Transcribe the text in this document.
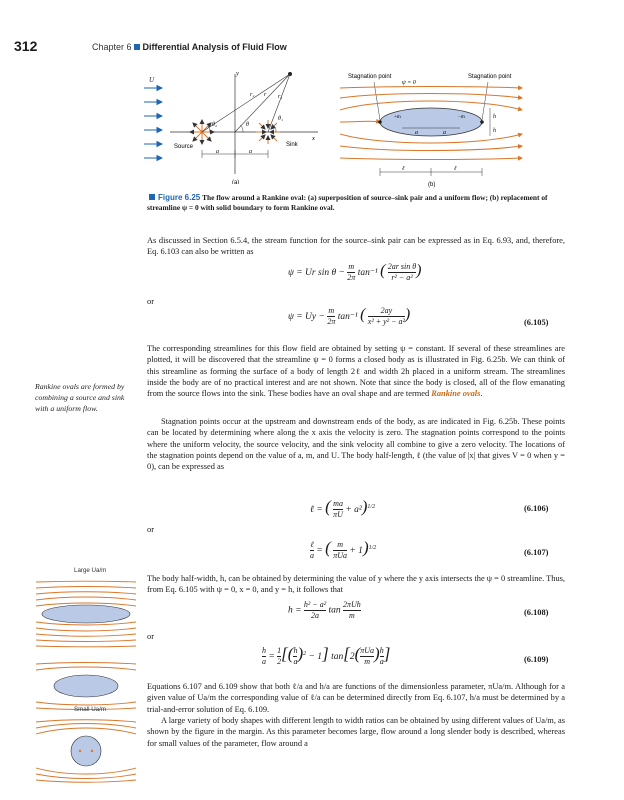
312	Chapter 6 Differential Analysis of Fluid Flow
U
y
x
r₂ r r₁
θ₂	θ
θ₁
Source	Sink
a	a
(a)
Stagnation point
ψ = 0
Stagnation point
+m	−m
a	a
h
h
ℓ	ℓ
(b)
Figure 6.25 The flow around a Rankine oval: (a) superposition of source–sink pair and a uniform flow; (b) replacement of streamline ψ = 0 with solid boundary to form Rankine oval.
As discussed in Section 6.5.4, the stream function for the source–sink pair can be expressed as in Eq. 6.93, and, therefore, Eq. 6.103 can also be written as
ψ = Ur $\sin \theta - \frac{m}{2\pi} \tan^{-1}$ ( $\frac{\text{2ar sin θ}}{\text{r² − a²}}$ )
or
$\psi = Uy - \frac{m}{2\pi} \tan^{-1}$ ( $\frac{2ay}{\text{x² + y² − a²}}$ )	(6.105)
The corresponding streamlines for this flow field are obtained by setting ψ = constant. If several of these streamlines are plotted, it will be discovered that the streamline ψ = 0 forms a closed body as is illustrated in Fig. 6.25b. We can think of this streamline as forming the surface of a body of length 2ℓ and width 2h placed in a uniform stream. The streamlines inside the body are of no practical interest and are not shown. Note that since the body is closed, all of the flow emanating from the source flows into the sink. These bodies have an oval shape and are termed Rankine ovals.
Stagnation points occur at the upstream and downstream ends of the body, as are indicated in Fig. 6.25b. These points can be located by determining where along the x axis the velocity is zero. The stagnation points correspond to the points where the uniform velocity, the source velocity, and the sink velocity all combine to give a zero velocity. The locations of the stagnation points depend on the value of a, m, and U. The body half-length, ℓ (the value of |x| that gives V = 0 when y = 0), can be expressed as
Rankine ovals are formed by combining a source and sink with a uniform flow.
ℓ = ( $\frac{ma}{\pi U} + a^2)^{1/2}$	(6.106)
or
ℓ
a = ( m
πUa + 1)$^{1/2}$
(6.107)
The body half-width, h, can be obtained by determining the value of y where the y axis intersects the ψ = 0 streamline. Thus, from Eq. 6.105 with ψ = 0, x = 0, and y = h, it follows that
$h = \frac{\text{h² − a²}}{2a}$ tan
2πUh
m	(6.108)
or
$\frac{h}{a} = \frac{1}{2}$ [( $\frac{h}{a} )^2 - 1$] tan[2( πUa
m ) $\frac{h}{a}$ ]	(6.109)
Equations 6.107 and 6.109 show that both ℓ/a and h/a are functions of the dimensionless parameter, πUa/m. Although for a given value of Ua/m the corresponding value of ℓ/a can be determined directly from Eq. 6.107, h/a must be determined by a trial-and-error solution of Eq. 6.109.
A large variety of body shapes with different length to width ratios can be obtained by using different values of Ua/m, as shown by the figure in the margin. As this parameter becomes large, flow around a long slender body is described, whereas for small values of the parameter, flow around a
Large Ua/m
Small Ua/m
